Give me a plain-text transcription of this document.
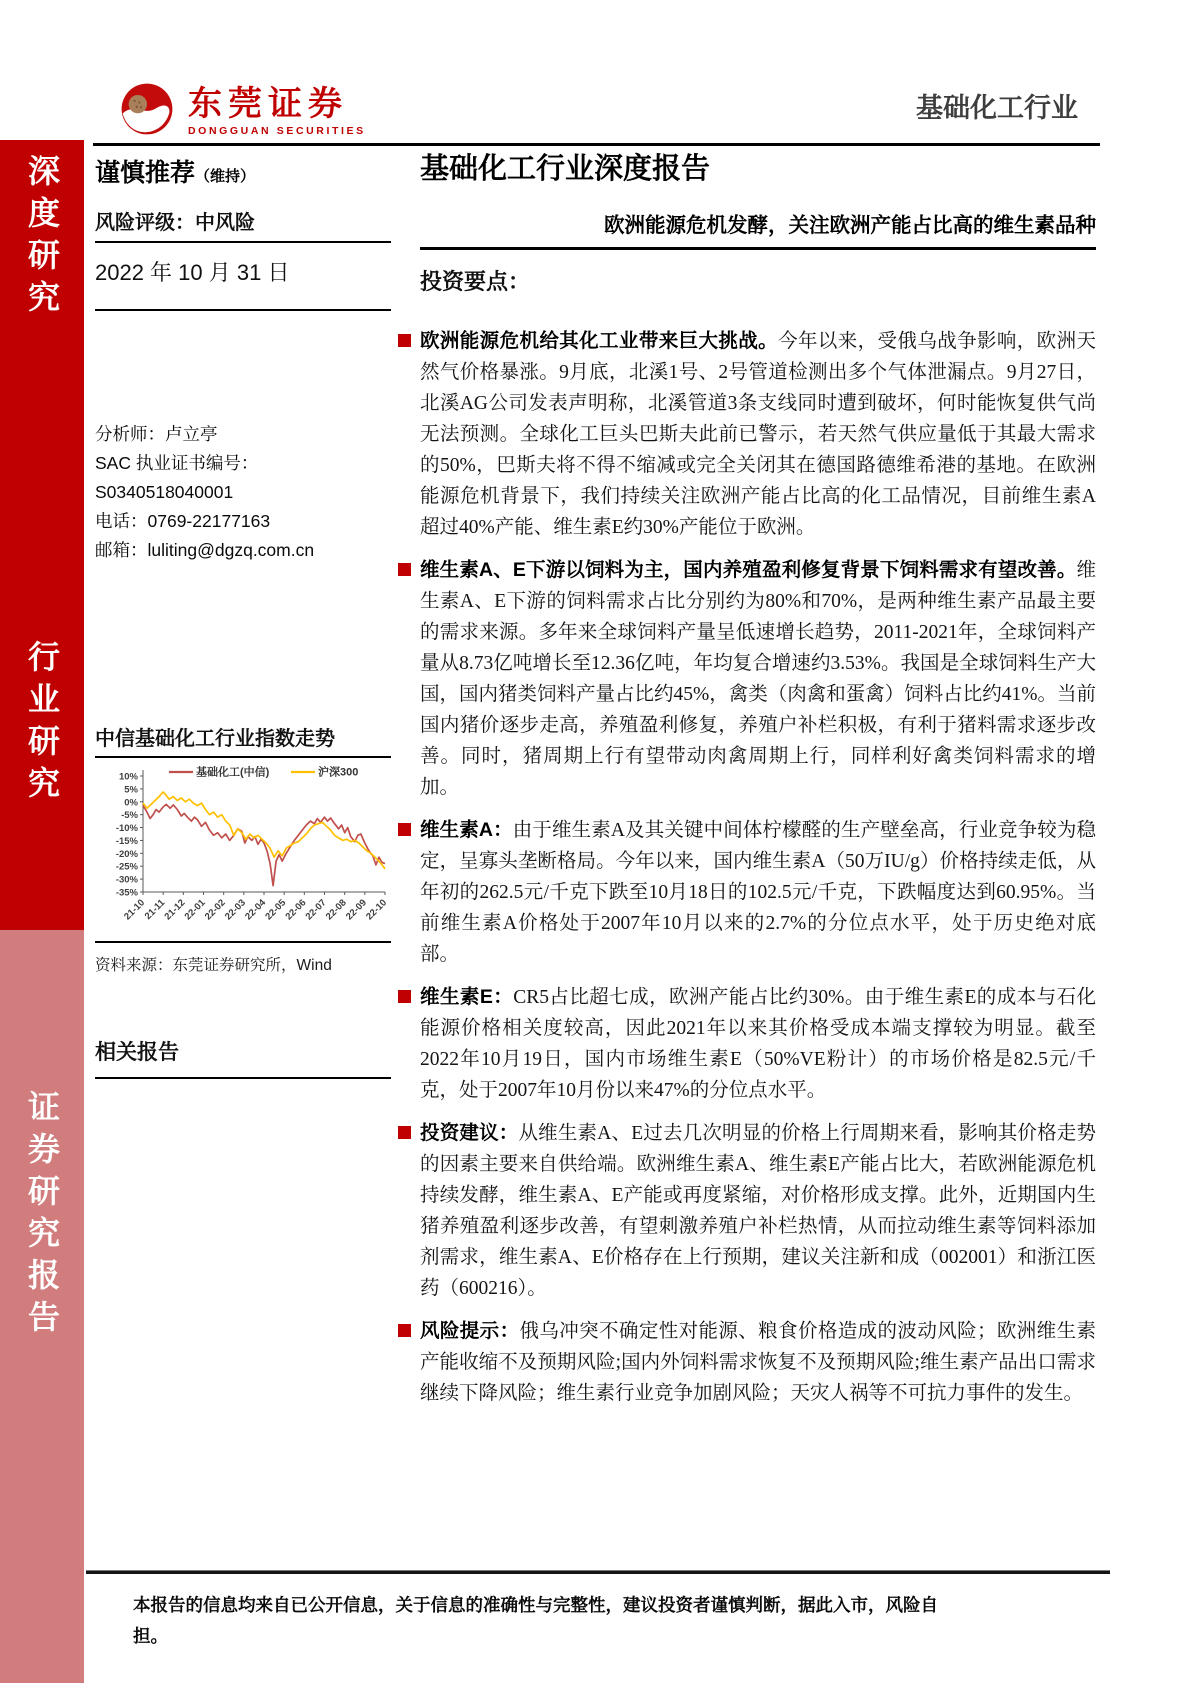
深度研究
行业研究
证券研究报告
东莞证券
DONGGUAN SECURITIES
基础化工行业
谨慎推荐（维持）
风险评级：中风险
2022 年 10 月 31 日
分析师：卢立亭
SAC 执业证书编号：
S0340518040001
电话：0769-22177163
邮箱：luliting@dgzq.com.cn
中信基础化工行业指数走势
10%
5%
0%
-5%
-10%
-15%
-20%
-25%
-30%
-35%
21-10
21-11
21-12
22-01
22-02
22-03
22-04
22-05
22-06
22-07
22-08
22-09
22-10
基础化工(中信)	沪深300
资料来源：东莞证券研究所，Wind
相关报告
基础化工行业深度报告
欧洲能源危机发酵，关注欧洲产能占比高的维生素品种
投资要点：

欧洲能源危机给其化工业带来巨大挑战。今年以来，受俄乌战争影响，欧洲天然气价格暴涨。9月底，北溪1号、2号管道检测出多个气体泄漏点。9月27日，北溪AG公司发表声明称，北溪管道3条支线同时遭到破坏，何时能恢复供气尚无法预测。全球化工巨头巴斯夫此前已警示，若天然气供应量低于其最大需求的50%，巴斯夫将不得不缩减或完全关闭其在德国路德维希港的基地。在欧洲能源危机背景下，我们持续关注欧洲产能占比高的化工品情况，目前维生素A超过40%产能、维生素E约30%产能位于欧洲。

维生素A、E下游以饲料为主，国内养殖盈利修复背景下饲料需求有望改善。维生素A、E下游的饲料需求占比分别约为80%和70%，是两种维生素产品最主要的需求来源。多年来全球饲料产量呈低速增长趋势，2011-2021年，全球饲料产量从8.73亿吨增长至12.36亿吨，年均复合增速约3.53%。我国是全球饲料生产大国，国内猪类饲料产量占比约45%，禽类（肉禽和蛋禽）饲料占比约41%。当前国内猪价逐步走高，养殖盈利修复，养殖户补栏积极，有利于猪料需求逐步改善。同时，猪周期上行有望带动肉禽周期上行，同样利好禽类饲料需求的增加。

维生素A：由于维生素A及其关键中间体柠檬醛的生产壁垒高，行业竞争较为稳定，呈寡头垄断格局。今年以来，国内维生素A（50万IU/g）价格持续走低，从年初的262.5元/千克下跌至10月18日的102.5元/千克，下跌幅度达到60.95%。当前维生素A价格处于2007年10月以来的2.7%的分位点水平，处于历史绝对底部。

维生素E：CR5占比超七成，欧洲产能占比约30%。由于维生素E的成本与石化能源价格相关度较高，因此2021年以来其价格受成本端支撑较为明显。截至2022年10月19日，国内市场维生素E（50%VE粉计）的市场价格是82.5元/千克，处于2007年10月份以来47%的分位点水平。

投资建议：从维生素A、E过去几次明显的价格上行周期来看，影响其价格走势的因素主要来自供给端。欧洲维生素A、维生素E产能占比大，若欧洲能源危机持续发酵，维生素A、E产能或再度紧缩，对价格形成支撑。此外，近期国内生猪养殖盈利逐步改善，有望刺激养殖户补栏热情，从而拉动维生素等饲料添加剂需求，维生素A、E价格存在上行预期，建议关注新和成（002001）和浙江医药（600216）。

风险提示：俄乌冲突不确定性对能源、粮食价格造成的波动风险；欧洲维生素产能收缩不及预期风险;国内外饲料需求恢复不及预期风险;维生素产品出口需求继续下降风险；维生素行业竞争加剧风险；天灾人祸等不可抗力事件的发生。

本报告的信息均来自已公开信息，关于信息的准确性与完整性，建议投资者谨慎判断，据此入市，风险自担。
